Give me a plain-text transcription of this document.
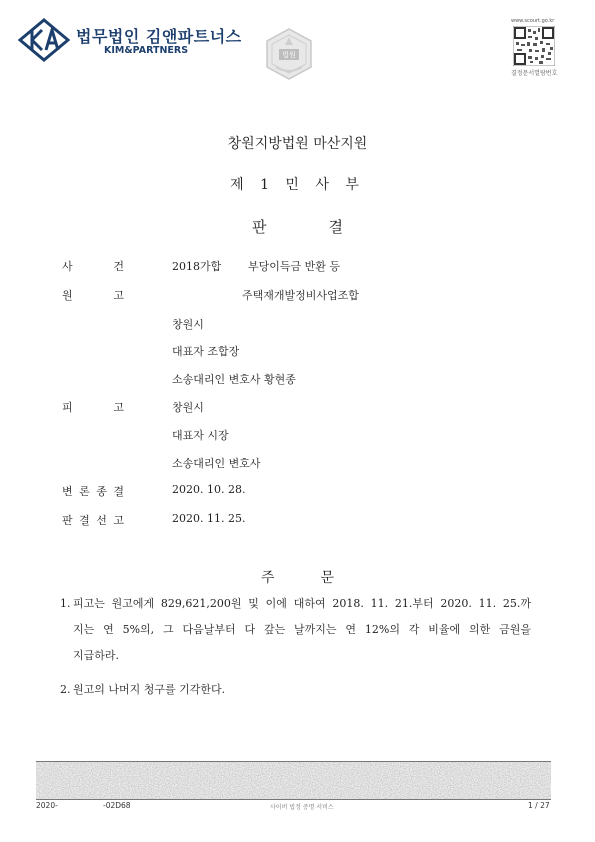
법무법인 김앤파트너스
KIM&PARTNERS	법원
www.scourt.go.kr
결정문서열람번호
창원지방법원 마산지원
제 1 민 사 부
판결
사	건	2018가합 부당이득금 반환 등
원	고	주택재개발정비사업조합
창원시
대표자 조합장
소송대리인 변호사 황현종
피	고	창원시
대표자 시장
소송대리인 변호사
변 론 종 결	2020. 10. 28.
판 결 선 고	2020. 11. 25.
주문
1. 피고는 원고에게 829,621,200원 및 이에 대하여 2018. 11. 21.부터 2020. 11. 25.까
지는 연 5%의, 그 다음날부터 다 갚는 날까지는 연 12%의 각 비율에 의한 금원을
지급하라.
2. 원고의 나머지 청구를 기각한다.
2020-	-02D68	사이버 법정 증명 서비스	1 / 27
